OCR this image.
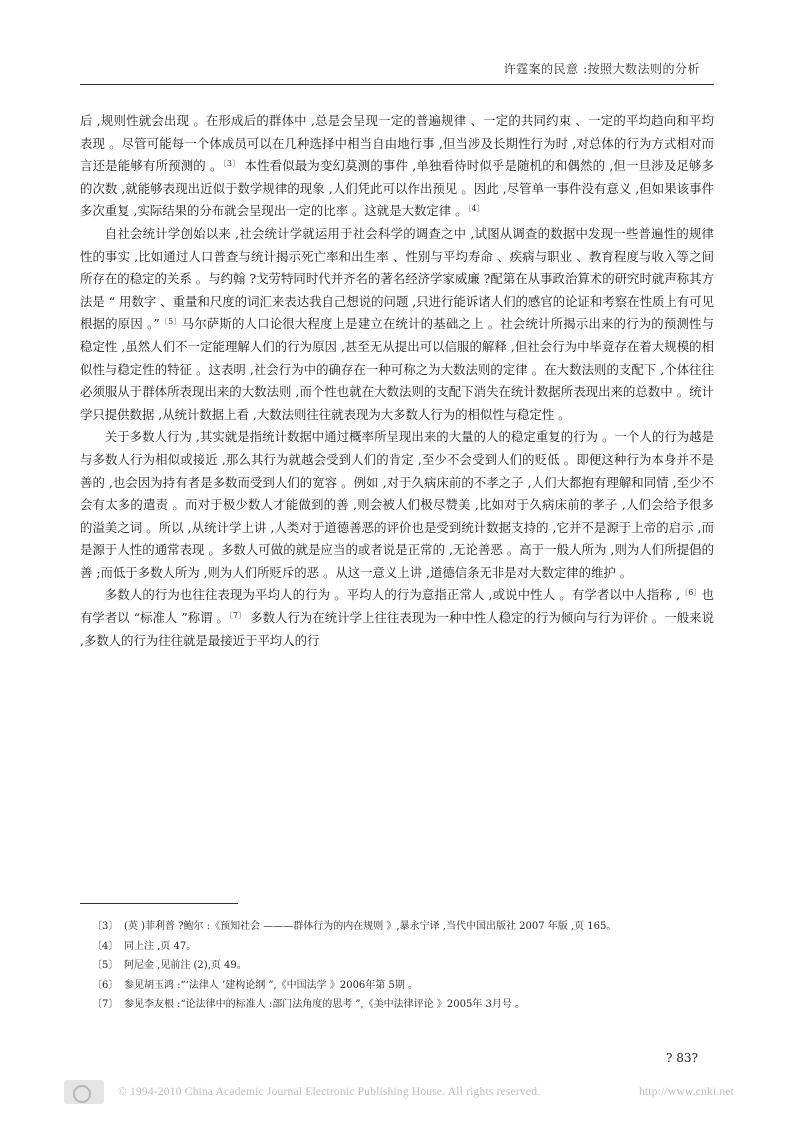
许霆案的民意 :按照大数法则的分析

后 ,规则性就会出现 。在形成后的群体中 ,总是会呈现一定的普遍规律 、一定的共同约束 、一定的平均趋向和平均表现 。尽管可能每一个体成员可以在几种选择中相当自由地行事 ,但当涉及长期性行为时 ,对总体的行为方式相对而言还是能够有所预测的 。$^{〔3〕}$ 本性看似最为变幻莫测的事件 ,单独看待时似乎是随机的和偶然的 ,但一旦涉及足够多的次数 ,就能够表现出近似于数学规律的现象 ,人们凭此可以作出预见 。因此 ,尽管单一事件没有意义 ,但如果该事件多次重复 ,实际结果的分布就会呈现出一定的比率 。这就是大数定律 。$^{〔4〕}$

自社会统计学创始以来 ,社会统计学就运用于社会科学的调查之中 ,试图从调查的数据中发现一些普遍性的规律性的事实 ,比如通过人口普查与统计揭示死亡率和出生率 、性别与平均寿命 、疾病与职业 、教育程度与收入等之间所存在的稳定的关系 。与约翰 ?戈劳特同时代并齐名的著名经济学家威廉 ?配第在从事政治算术的研究时就声称其方法是 “ 用数字 、重量和尺度的词汇来表达我自己想说的问题 ,只进行能诉诸人们的感官的论证和考察在性质上有可见根据的原因 。”$^{〔5〕}$马尔萨斯的人口论很大程度上是建立在统计的基础之上 。社会统计所揭示出来的行为的预测性与稳定性 ,虽然人们不一定能理解人们的行为原因 ,甚至无从提出可以信服的解释 ,但社会行为中毕竟存在着大规模的相似性与稳定性的特征 。这表明 ,社会行为中的确存在一种可称之为大数法则的定律 。在大数法则的支配下 ,个体往往必须服从于群体所表现出来的大数法则 ,而个性也就在大数法则的支配下消失在统计数据所表现出来的总数中 。统计学只提供数据 ,从统计数据上看 ,大数法则往往就表现为大多数人行为的相似性与稳定性 。

关于多数人行为 ,其实就是指统计数据中通过概率所呈现出来的大量的人的稳定重复的行为 。一个人的行为越是与多数人行为相似或接近 ,那么其行为就越会受到人们的肯定 ,至少不会受到人们的贬低 。即便这种行为本身并不是善的 ,也会因为持有者是多数而受到人们的宽容 。例如 ,对于久病床前的不孝之子 ,人们大都抱有理解和同情 ,至少不会有太多的遣责 。而对于极少数人才能做到的善 ,则会被人们极尽赞美 ,比如对于久病床前的孝子 ,人们会给予很多的溢美之词 。所以 ,从统计学上讲 ,人类对于道德善恶的评价也是受到统计数据支持的 ,它并不是源于上帝的启示 ,而是源于人性的通常表现 。多数人可做的就是应当的或者说是正常的 ,无论善恶 。高于一般人所为 ,则为人们所提倡的善 ;而低于多数人所为 ,则为人们所贬斥的恶 。从这一意义上讲 ,道德信条无非是对大数定律的维护 。

多数人的行为也往往表现为平均人的行为 。平均人的行为意指正常人 ,或说中性人 。有学者以中人指称 ,$^{〔6〕}$也有学者以 “标准人 ”称谓 。$^{〔7〕}$ 多数人行为在统计学上往往表现为一种中性人稳定的行为倾向与行为评价 。一般来说 ,多数人的行为往往就是最接近于平均人的行

〔3〕 (英 )菲利普 ?鲍尔 :《预知社会 ———群体行为的内在规则 》,暴永宁译 ,当代中国出版社 2007 年版 ,页 165。
〔4〕 同上注 ,页 47。
〔5〕 阿尼金 ,见前注 (2),页 49。
〔6〕 参见胡玉鸿 :“‘法律人 ’建构论纲 ”,《中国法学 》2006年第 5期 。
〔7〕 参见李友根 :“论法律中的标准人 :部门法角度的思考 ”,《美中法律评论 》2005年 3月号 。
? 83?
© 1994-2010 China Academic Journal Electronic Publishing House. All rights reserved.	http://www.cnki.net
